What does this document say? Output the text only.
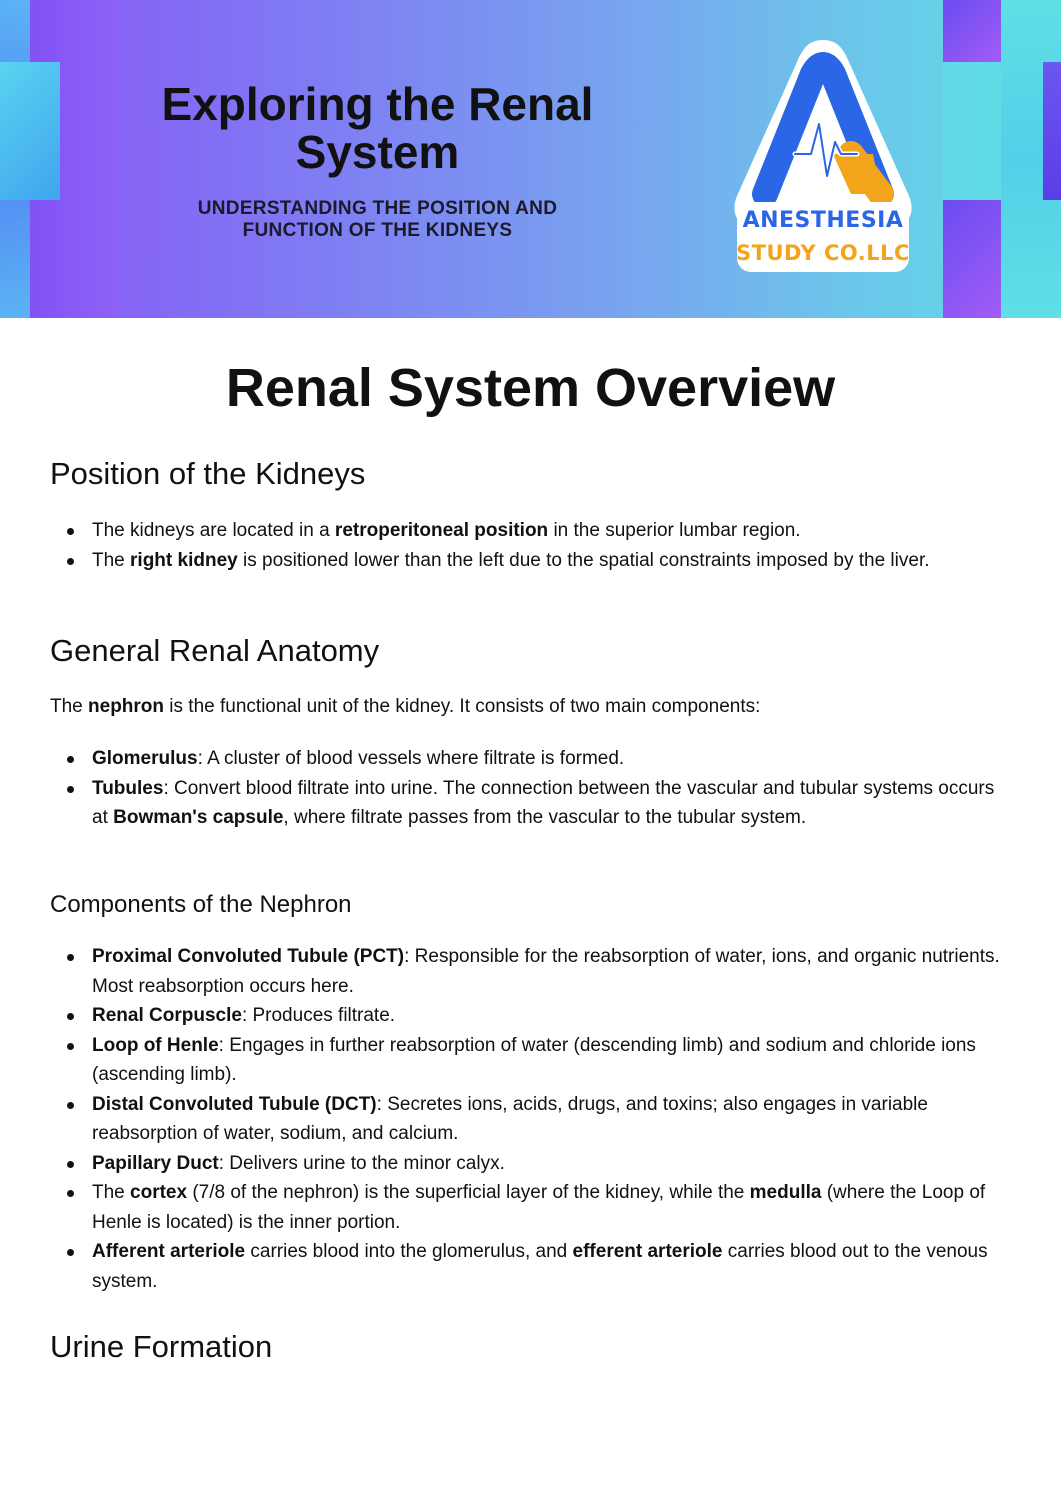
Exploring the Renal System
UNDERSTANDING THE POSITION AND
FUNCTION OF THE KIDNEYS	ANESTHESIA
STUDY CO.LLC
Renal System Overview
Position of the Kidneys
The kidneys are located in a retroperitoneal position in the superior lumbar region.
The right kidney is positioned lower than the left due to the spatial constraints imposed by the liver.
General Renal Anatomy

The nephron is the functional unit of the kidney. It consists of two main components:

Glomerulus: A cluster of blood vessels where filtrate is formed.
Tubules: Convert blood filtrate into urine. The connection between the vascular and tubular systems occurs at Bowman's capsule, where filtrate passes from the vascular to the tubular system.
Components of the Nephron
Proximal Convoluted Tubule (PCT): Responsible for the reabsorption of water, ions, and organic nutrients. Most reabsorption occurs here.
Renal Corpuscle: Produces filtrate.
Loop of Henle: Engages in further reabsorption of water (descending limb) and sodium and chloride ions (ascending limb).
Distal Convoluted Tubule (DCT): Secretes ions, acids, drugs, and toxins; also engages in variable reabsorption of water, sodium, and calcium.
Papillary Duct: Delivers urine to the minor calyx.
The cortex (7/8 of the nephron) is the superficial layer of the kidney, while the medulla (where the Loop of Henle is located) is the inner portion.
Afferent arteriole carries blood into the glomerulus, and efferent arteriole carries blood out to the venous system.
Urine Formation
